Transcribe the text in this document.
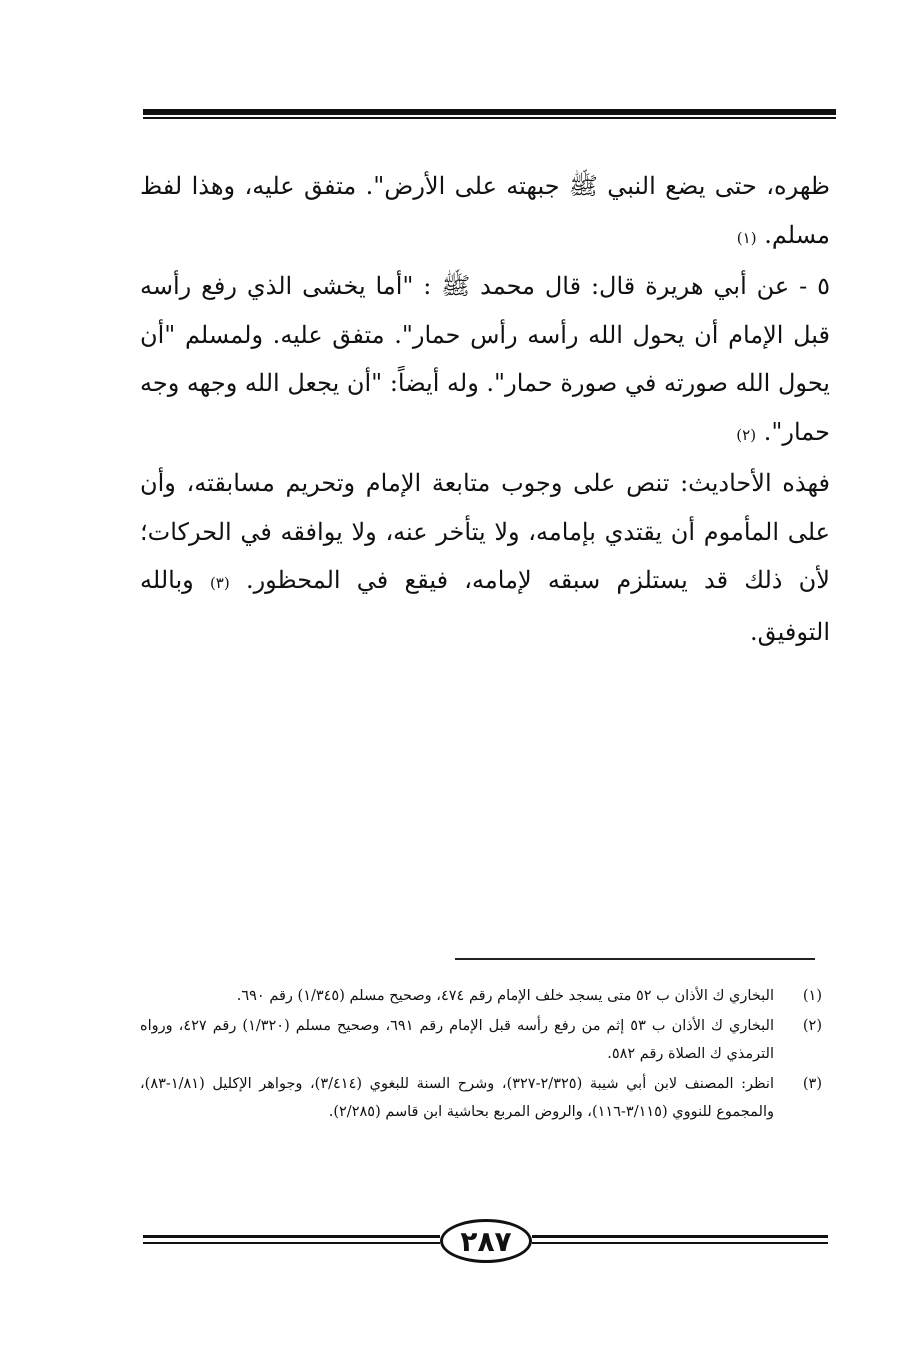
ظهره، حتى يضع النبي ﷺ جبهته على الأرض". متفق عليه، وهذا لفظ مسلم. (١)

٥ - عن أبي هريرة قال: قال محمد ﷺ : "أما يخشى الذي رفع رأسه قبل الإمام أن يحول الله رأسه رأس حمار". متفق عليه. ولمسلم "أن يحول الله صورته في صورة حمار". وله أيضاً: "أن يجعل الله وجهه وجه حمار". (٢)

فهذه الأحاديث: تنص على وجوب متابعة الإمام وتحريم مسابقته، وأن على المأموم أن يقتدي بإمامه، ولا يتأخر عنه، ولا يوافقه في الحركات؛ لأن ذلك قد يستلزم سبقه لإمامه، فيقع في المحظور. (٣) وبالله التوفيق.

(١)
البخاري ك الأذان ب ٥٢ متى يسجد خلف الإمام رقم ٤٧٤، وصحيح مسلم (١/٣٤٥) رقم ٦٩٠.
(٢)
البخاري ك الأذان ب ٥٣ إثم من رفع رأسه قبل الإمام رقم ٦٩١، وصحيح مسلم (١/٣٢٠) رقم ٤٢٧، ورواه الترمذي ك الصلاة رقم ٥٨٢.
(٣)
انظر: المصنف لابن أبي شيبة (٢/٣٢٥-٣٢٧)، وشرح السنة للبغوي (٣/٤١٤)، وجواهر الإكليل (١/٨١-٨٣)، والمجموع للنووي (٣/١١٥-١١٦)، والروض المربع بحاشية ابن قاسم (٢/٢٨٥).
٢٨٧
